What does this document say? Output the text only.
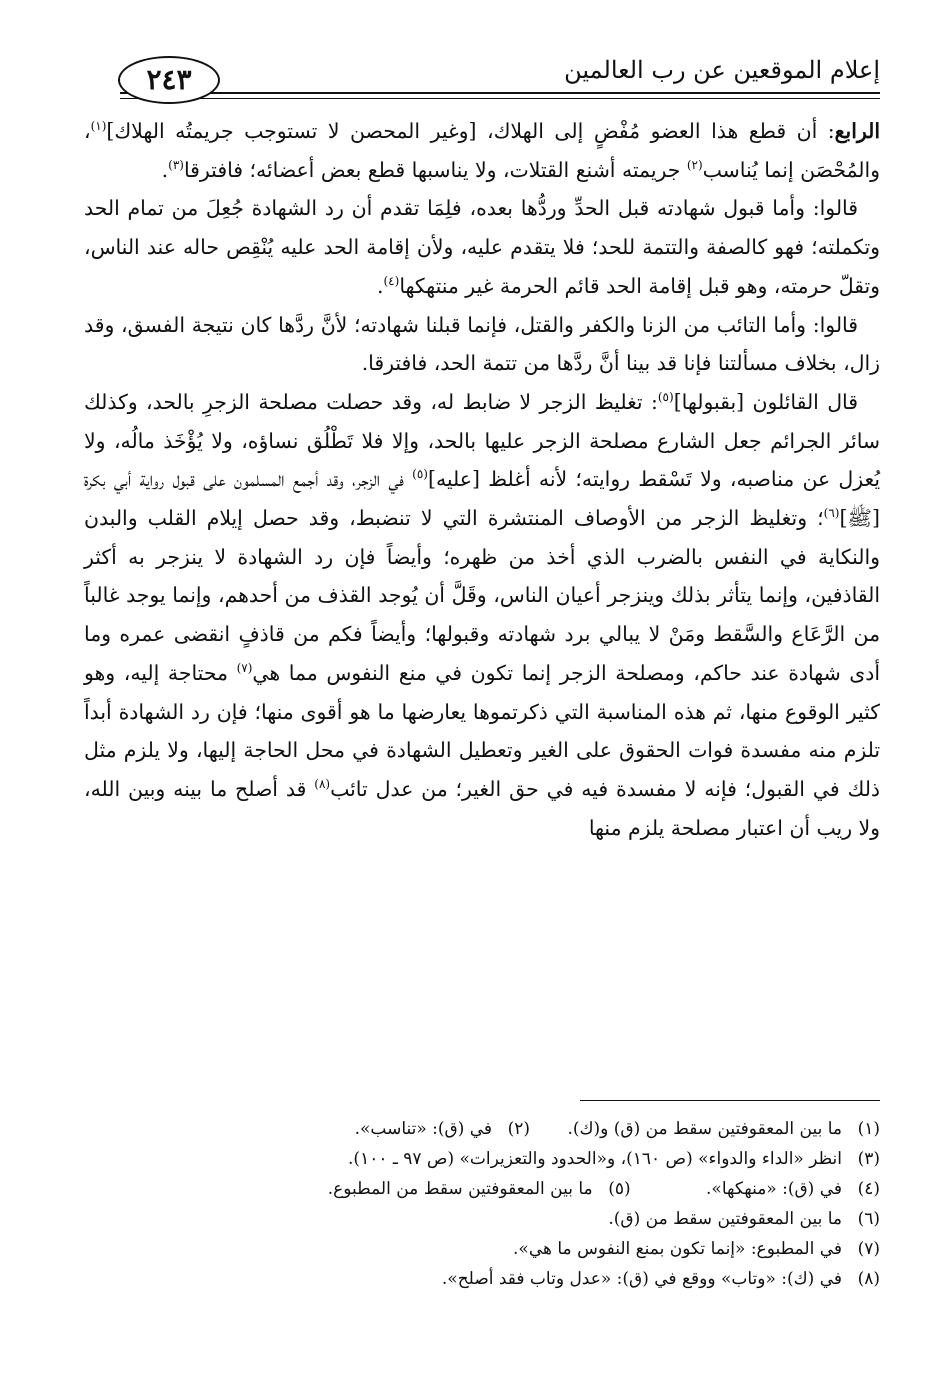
إعلام الموقعين عن رب العالمين
٢٤٣

الرابع: أن قطع هذا العضو مُفْضٍ إلى الهلاك، [وغير المحصن لا تستوجب جريمتُه الهلاك]$^{(١)}$، والمُحْصَن إنما يُناسب$^{(٢)}$ جريمته أشنع القتلات، ولا يناسبها قطع بعض أعضائه؛ فافترقا$^{(٣)}$.

قالوا: وأما قبول شهادته قبل الحدِّ وردُّها بعده، فلِمَا تقدم أن رد الشهادة جُعِلَ من تمام الحد وتكملته؛ فهو كالصفة والتتمة للحد؛ فلا يتقدم عليه، ولأن إقامة الحد عليه يُنْقِص حاله عند الناس، وتقلّ حرمته، وهو قبل إقامة الحد قائم الحرمة غير منتهكها$^{(٤)}$.

قالوا: وأما التائب من الزنا والكفر والقتل، فإنما قبلنا شهادته؛ لأنَّ ردَّها كان نتيجة الفسق، وقد زال، بخلاف مسألتنا فإنا قد بينا أنَّ ردَّها من تتمة الحد، فافترقا.

قال القائلون [بقبولها]$^{(٥)}$: تغليظ الزجر لا ضابط له، وقد حصلت مصلحة الزجرِ بالحد، وكذلك سائر الجرائم جعل الشارع مصلحة الزجر عليها بالحد، وإلا فلا تَطْلُق نساؤه، ولا يُؤْخَذ مالُه، ولا يُعزل عن مناصبه، ولا تَسْقط روايته؛ لأنه أغلظ [عليه]$^{(٥)}$ في الزجر، وقد أجمع المسلمون على قبول رواية أبي بكرة [ﷺ]$^{(٦)}$؛ وتغليظ الزجر من الأوصاف المنتشرة التي لا تنضبط، وقد حصل إيلام القلب والبدن والنكاية في النفس بالضرب الذي أخذ من ظهره؛ وأيضاً فإن رد الشهادة لا ينزجر به أكثر القاذفين، وإنما يتأثر بذلك وينزجر أعيان الناس، وقَلَّ أن يُوجد القذف من أحدهم، وإنما يوجد غالباً من الرَّعَاع والسَّقط ومَنْ لا يبالي برد شهادته وقبولها؛ وأيضاً فكم من قاذفٍ انقضى عمره وما أدى شهادة عند حاكم، ومصلحة الزجر إنما تكون في منع النفوس مما هي$^{(٧)}$ محتاجة إليه، وهو كثير الوقوع منها، ثم هذه المناسبة التي ذكرتموها يعارضها ما هو أقوى منها؛ فإن رد الشهادة أبداً تلزم منه مفسدة فوات الحقوق على الغير وتعطيل الشهادة في محل الحاجة إليها، ولا يلزم مثل ذلك في القبول؛ فإنه لا مفسدة فيه في حق الغير؛ من عدل تائب$^{(٨)}$ قد أصلح ما بينه وبين الله، ولا ريب أن اعتبار مصلحة يلزم منها

(١)ما بين المعقوفتين سقط من (ق) و(ك). (٢)في (ق): «تناسب».
(٣)انظر «الداء والدواء» (ص ١٦٠)، و«الحدود والتعزيرات» (ص ٩٧ ـ ١٠٠).
(٤)في (ق): «منهكها». (٥)ما بين المعقوفتين سقط من المطبوع.
(٦)ما بين المعقوفتين سقط من (ق).
(٧)في المطبوع: «إنما تكون بمنع النفوس ما هي».
(٨)في (ك): «وتاب» ووقع في (ق): «عدل وتاب فقد أصلح».
